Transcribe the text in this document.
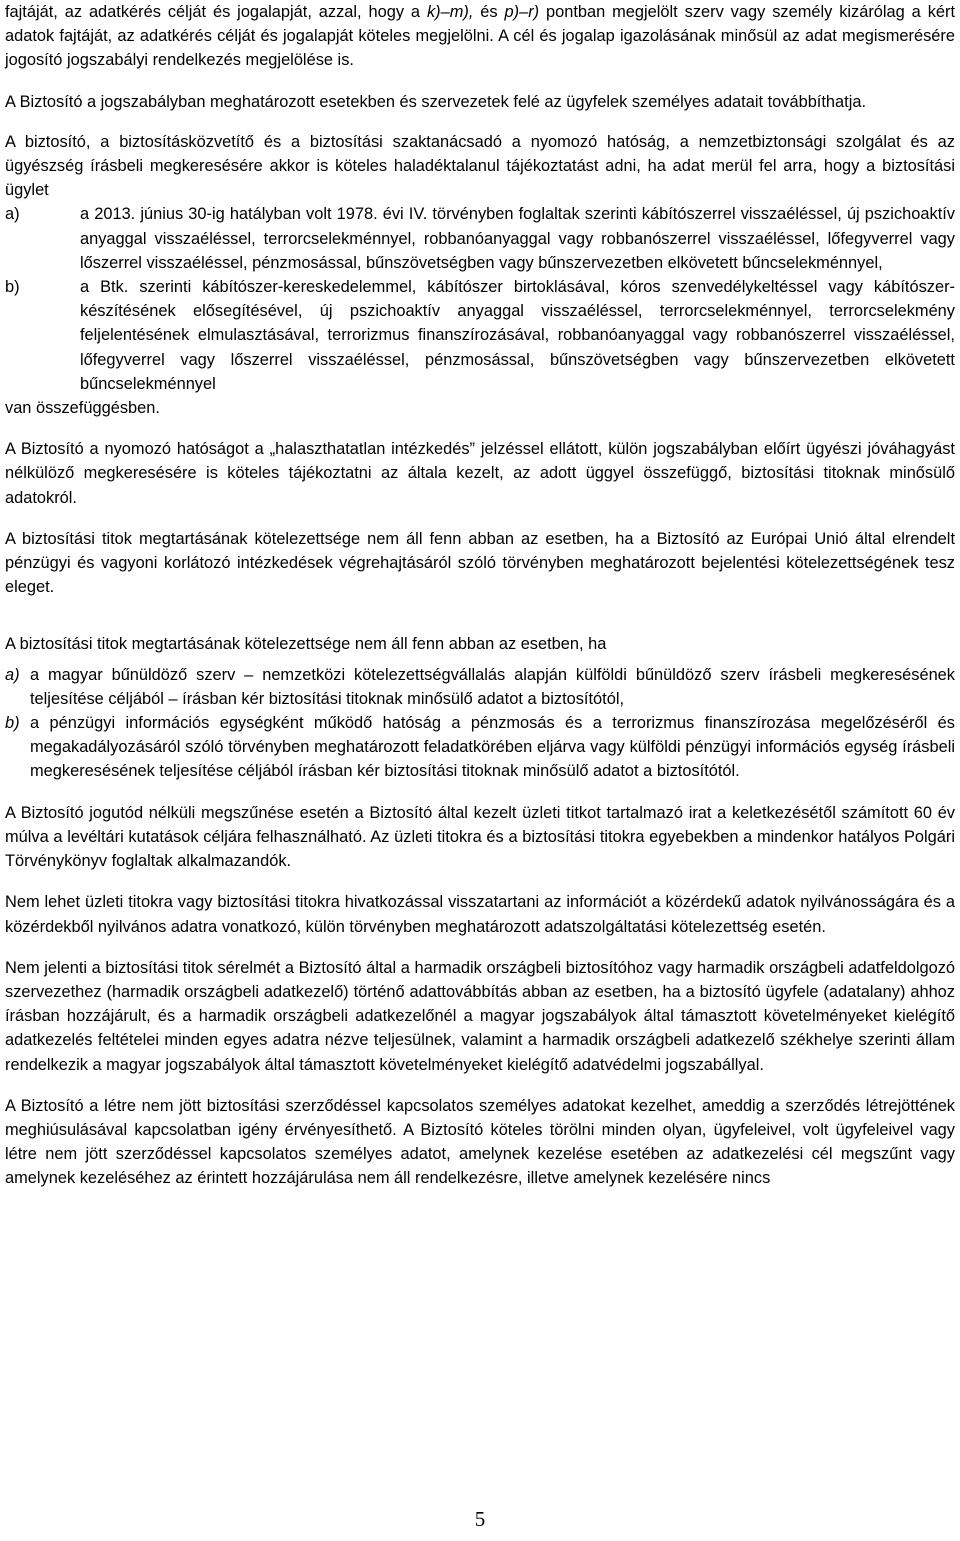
fajtáját, az adatkérés célját és jogalapját, azzal, hogy a k)–m), és p)–r) pontban megjelölt szerv vagy személy kizárólag a kért adatok fajtáját, az adatkérés célját és jogalapját köteles megjelölni. A cél és jogalap igazolásának minősül az adat megismerésére jogosító jogszabályi rendelkezés megjelölése is.

A Biztosító a jogszabályban meghatározott esetekben és szervezetek felé az ügyfelek személyes adatait továbbíthatja.

A biztosító, a biztosításközvetítő és a biztosítási szaktanácsadó a nyomozó hatóság, a nemzetbiztonsági szolgálat és az ügyészség írásbeli megkeresésére akkor is köteles haladéktalanul tájékoztatást adni, ha adat merül fel arra, hogy a biztosítási ügylet

a)	a 2013. június 30-ig hatályban volt 1978. évi IV. törvényben foglaltak szerinti kábítószerrel visszaéléssel, új pszichoaktív anyaggal visszaéléssel, terrorcselekménnyel, robbanóanyaggal vagy robbanószerrel visszaéléssel, lőfegyverrel vagy lőszerrel visszaéléssel, pénzmosással, bűnszövetségben vagy bűnszervezetben elkövetett bűncselekménnyel,
b)	a Btk. szerinti kábítószer-kereskedelemmel, kábítószer birtoklásával, kóros szenvedélykeltéssel vagy kábítószer-készítésének elősegítésével, új pszichoaktív anyaggal visszaéléssel, terrorcselekménnyel, terrorcselekmény feljelentésének elmulasztásával, terrorizmus finanszírozásával, robbanóanyaggal vagy robbanószerrel visszaéléssel, lőfegyverrel vagy lőszerrel visszaéléssel, pénzmosással, bűnszövetségben vagy bűnszervezetben elkövetett bűncselekménnyel

van összefüggésben.

A Biztosító a nyomozó hatóságot a „halaszthatatlan intézkedés” jelzéssel ellátott, külön jogszabályban előírt ügyészi jóváhagyást nélkülöző megkeresésére is köteles tájékoztatni az általa kezelt, az adott üggyel összefüggő, biztosítási titoknak minősülő adatokról.

A biztosítási titok megtartásának kötelezettsége nem áll fenn abban az esetben, ha a Biztosító az Európai Unió által elrendelt pénzügyi és vagyoni korlátozó intézkedések végrehajtásáról szóló törvényben meghatározott bejelentési kötelezettségének tesz eleget.

A biztosítási titok megtartásának kötelezettsége nem áll fenn abban az esetben, ha

a) a magyar bűnüldöző szerv – nemzetközi kötelezettségvállalás alapján külföldi bűnüldöző szerv írásbeli megkeresésének teljesítése céljából – írásban kér biztosítási titoknak minősülő adatot a biztosítótól,
b) a pénzügyi információs egységként működő hatóság a pénzmosás és a terrorizmus finanszírozása megelőzéséről és megakadályozásáról szóló törvényben meghatározott feladatkörében eljárva vagy külföldi pénzügyi információs egység írásbeli megkeresésének teljesítése céljából írásban kér biztosítási titoknak minősülő adatot a biztosítótól.

A Biztosító jogutód nélküli megszűnése esetén a Biztosító által kezelt üzleti titkot tartalmazó irat a keletkezésétől számított 60 év múlva a levéltári kutatások céljára felhasználható. Az üzleti titokra és a biztosítási titokra egyebekben a mindenkor hatályos Polgári Törvénykönyv foglaltak alkalmazandók.

Nem lehet üzleti titokra vagy biztosítási titokra hivatkozással visszatartani az információt a közérdekű adatok nyilvánosságára és a közérdekből nyilvános adatra vonatkozó, külön törvényben meghatározott adatszolgáltatási kötelezettség esetén.

Nem jelenti a biztosítási titok sérelmét a Biztosító által a harmadik országbeli biztosítóhoz vagy harmadik országbeli adatfeldolgozó szervezethez (harmadik országbeli adatkezelő) történő adattovábbítás abban az esetben, ha a biztosító ügyfele (adatalany) ahhoz írásban hozzájárult, és a harmadik országbeli adatkezelőnél a magyar jogszabályok által támasztott követelményeket kielégítő adatkezelés feltételei minden egyes adatra nézve teljesülnek, valamint a harmadik országbeli adatkezelő székhelye szerinti állam rendelkezik a magyar jogszabályok által támasztott követelményeket kielégítő adatvédelmi jogszabállyal.

A Biztosító a létre nem jött biztosítási szerződéssel kapcsolatos személyes adatokat kezelhet, ameddig a szerződés létrejöttének meghiúsulásával kapcsolatban igény érvényesíthető. A Biztosító köteles törölni minden olyan, ügyfeleivel, volt ügyfeleivel vagy létre nem jött szerződéssel kapcsolatos személyes adatot, amelynek kezelése esetében az adatkezelési cél megszűnt vagy amelynek kezeléséhez az érintett hozzájárulása nem áll rendelkezésre, illetve amelynek kezelésére nincs

5
